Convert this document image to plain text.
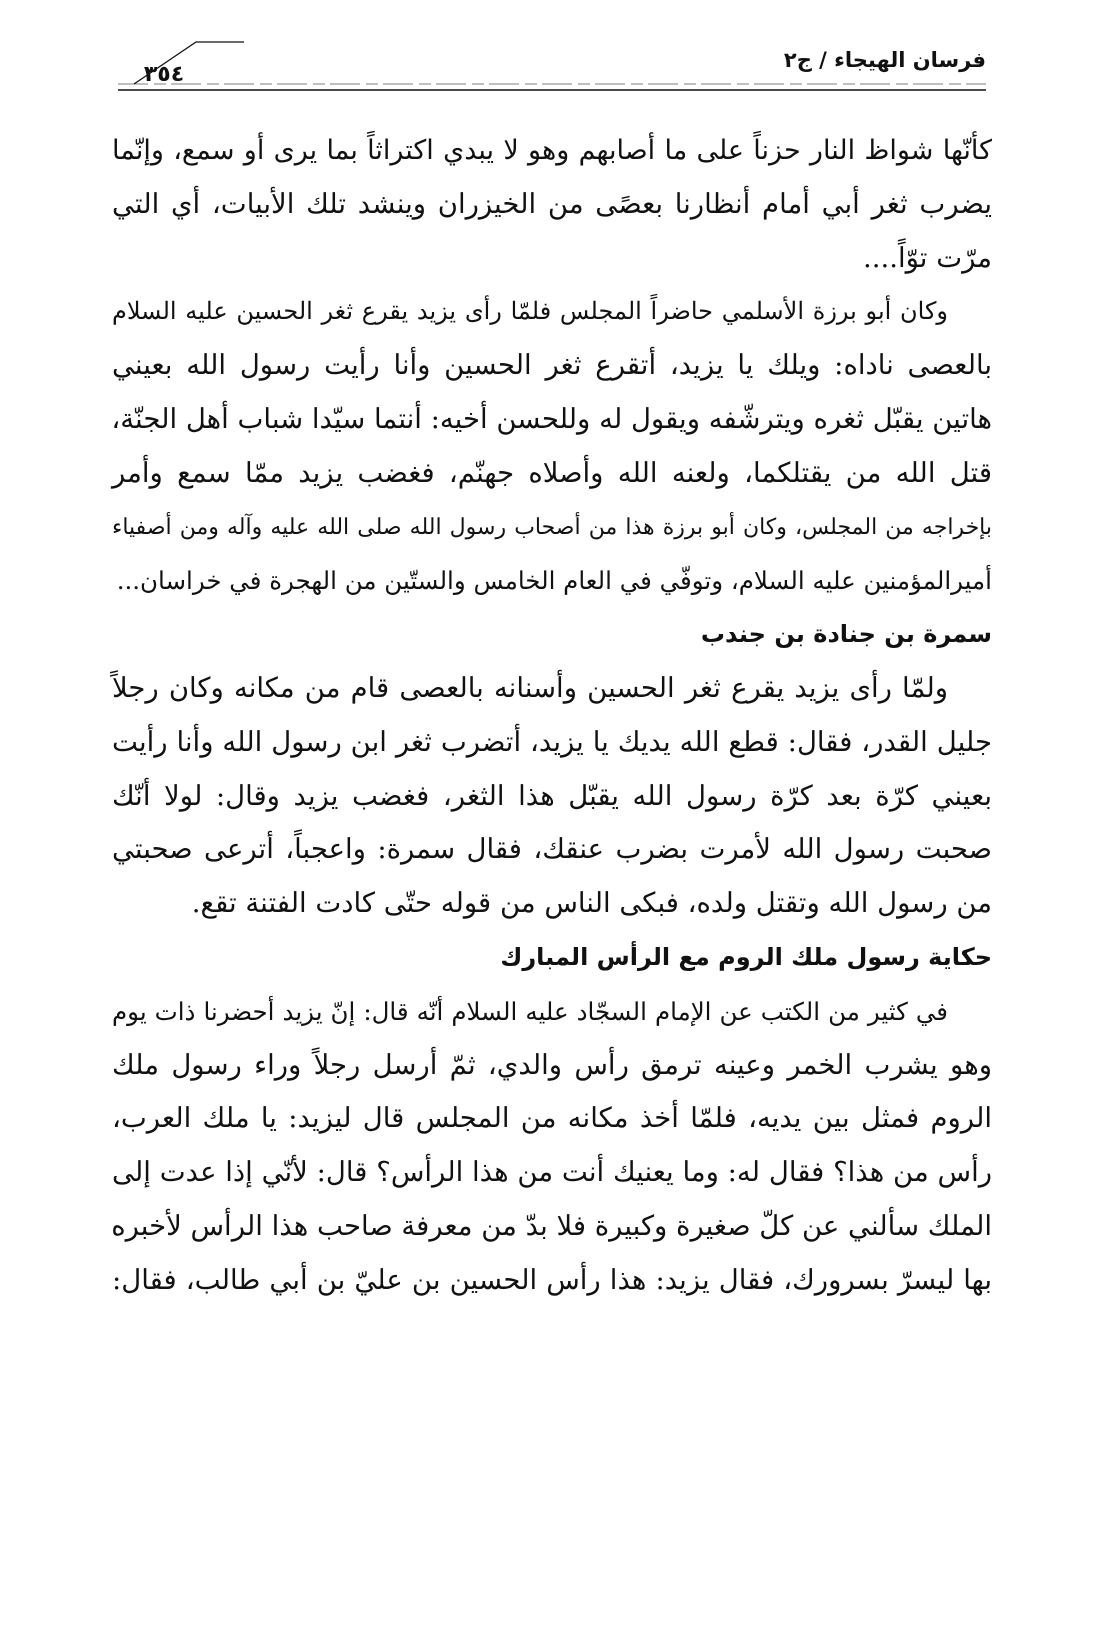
فرسان الهيجاء / ج٢
٣٥٤
كأنّها شواظ النار حزناً على ما أصابهم وهو لا يبدي اكتراثاً بما يرى أو سمع، وإنّما
يضرب ثغر أبي أمام أنظارنا بعصًى من الخيزران وينشد تلك الأبيات، أي التي
مرّت توّاً....
وكان أبو برزة الأسلمي حاضراً المجلس فلمّا رأى يزيد يقرع ثغر الحسين عليه السلام
بالعصى ناداه: ويلك يا يزيد، أتقرع ثغر الحسين وأنا رأيت رسول الله بعيني
هاتين يقبّل ثغره ويترشّفه ويقول له وللحسن أخيه: أنتما سيّدا شباب أهل الجنّة،
قتل الله من يقتلكما، ولعنه الله وأصلاه جهنّم، فغضب يزيد ممّا سمع وأمر
بإخراجه من المجلس، وكان أبو برزة هذا من أصحاب رسول الله صلى الله عليه وآله ومن أصفياء
أميرالمؤمنين عليه السلام، وتوفّي في العام الخامس والستّين من الهجرة في خراسان...
سمرة بن جنادة بن جندب
ولمّا رأى يزيد يقرع ثغر الحسين وأسنانه بالعصى قام من مكانه وكان رجلاً
جليل القدر، فقال: قطع الله يديك يا يزيد، أتضرب ثغر ابن رسول الله وأنا رأيت
بعيني كرّة بعد كرّة رسول الله يقبّل هذا الثغر، فغضب يزيد وقال: لولا أنّك
صحبت رسول الله لأمرت بضرب عنقك، فقال سمرة: واعجباً، أترعى صحبتي
من رسول الله وتقتل ولده، فبكى الناس من قوله حتّى كادت الفتنة تقع.
حكاية رسول ملك الروم مع الرأس المبارك
في كثير من الكتب عن الإمام السجّاد عليه السلام أنّه قال: إنّ يزيد أحضرنا ذات يوم
وهو يشرب الخمر وعينه ترمق رأس والدي، ثمّ أرسل رجلاً وراء رسول ملك
الروم فمثل بين يديه، فلمّا أخذ مكانه من المجلس قال ليزيد: يا ملك العرب،
رأس من هذا؟ فقال له: وما يعنيك أنت من هذا الرأس؟ قال: لأنّي إذا عدت إلى
الملك سألني عن كلّ صغيرة وكبيرة فلا بدّ من معرفة صاحب هذا الرأس لأخبره
بها ليسرّ بسرورك، فقال يزيد: هذا رأس الحسين بن عليّ بن أبي طالب، فقال:
